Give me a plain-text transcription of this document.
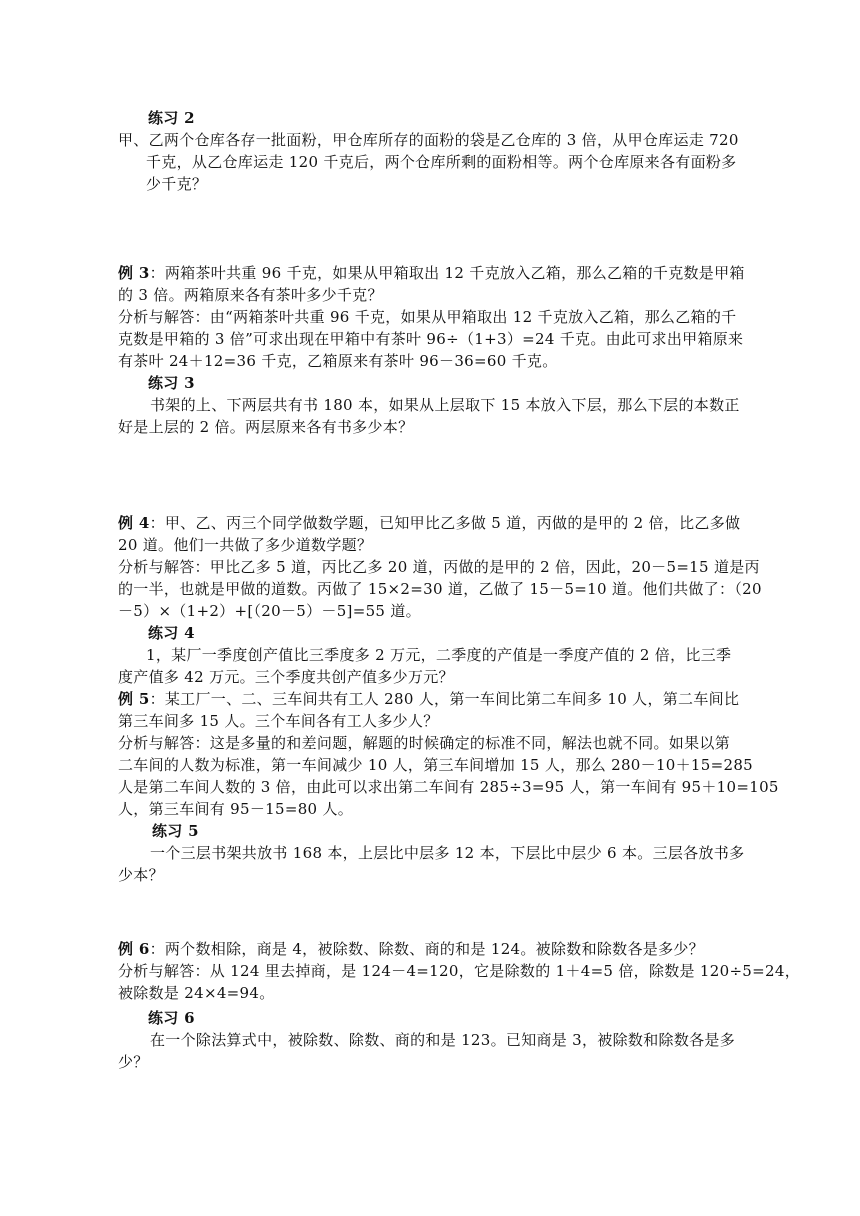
练习 2
甲、乙两个仓库各存一批面粉，甲仓库所存的面粉的袋是乙仓库的 3 倍，从甲仓库运走 720
千克，从乙仓库运走 120 千克后，两个仓库所剩的面粉相等。两个仓库原来各有面粉多
少千克？
例 3：两箱茶叶共重 96 千克，如果从甲箱取出 12 千克放入乙箱，那么乙箱的千克数是甲箱
的 3 倍。两箱原来各有茶叶多少千克？
分析与解答：由“两箱茶叶共重 96 千克，如果从甲箱取出 12 千克放入乙箱，那么乙箱的千
克数是甲箱的 3 倍”可求出现在甲箱中有茶叶 96÷（1+3）=24 千克。由此可求出甲箱原来
有茶叶 24＋12=36 千克，乙箱原来有茶叶 96－36=60 千克。
练习 3
书架的上、下两层共有书 180 本，如果从上层取下 15 本放入下层，那么下层的本数正
好是上层的 2 倍。两层原来各有书多少本？
例 4：甲、乙、丙三个同学做数学题，已知甲比乙多做 5 道，丙做的是甲的 2 倍，比乙多做
20 道。他们一共做了多少道数学题？
分析与解答：甲比乙多 5 道，丙比乙多 20 道，丙做的是甲的 2 倍，因此，20－5=15 道是丙
的一半，也就是甲做的道数。丙做了 15×2=30 道，乙做了 15－5=10 道。他们共做了：（20
－5）×（1+2）+[（20－5）－5]=55 道。
练习 4
1，某厂一季度创产值比三季度多 2 万元，二季度的产值是一季度产值的 2 倍，比三季
度产值多 42 万元。三个季度共创产值多少万元？
例 5：某工厂一、二、三车间共有工人 280 人，第一车间比第二车间多 10 人，第二车间比
第三车间多 15 人。三个车间各有工人多少人？
分析与解答：这是多量的和差问题，解题的时候确定的标准不同，解法也就不同。如果以第
二车间的人数为标准，第一车间减少 10 人，第三车间增加 15 人，那么 280－10＋15=285
人是第二车间人数的 3 倍，由此可以求出第二车间有 285÷3=95 人，第一车间有 95＋10=105
人，第三车间有 95－15=80 人。
练习 5
一个三层书架共放书 168 本，上层比中层多 12 本，下层比中层少 6 本。三层各放书多
少本？
例 6：两个数相除，商是 4，被除数、除数、商的和是 124。被除数和除数各是多少？
分析与解答：从 124 里去掉商，是 124－4=120，它是除数的 1＋4=5 倍，除数是 120÷5=24，
被除数是 24×4=94。
练习 6
在一个除法算式中，被除数、除数、商的和是 123。已知商是 3，被除数和除数各是多
少？
